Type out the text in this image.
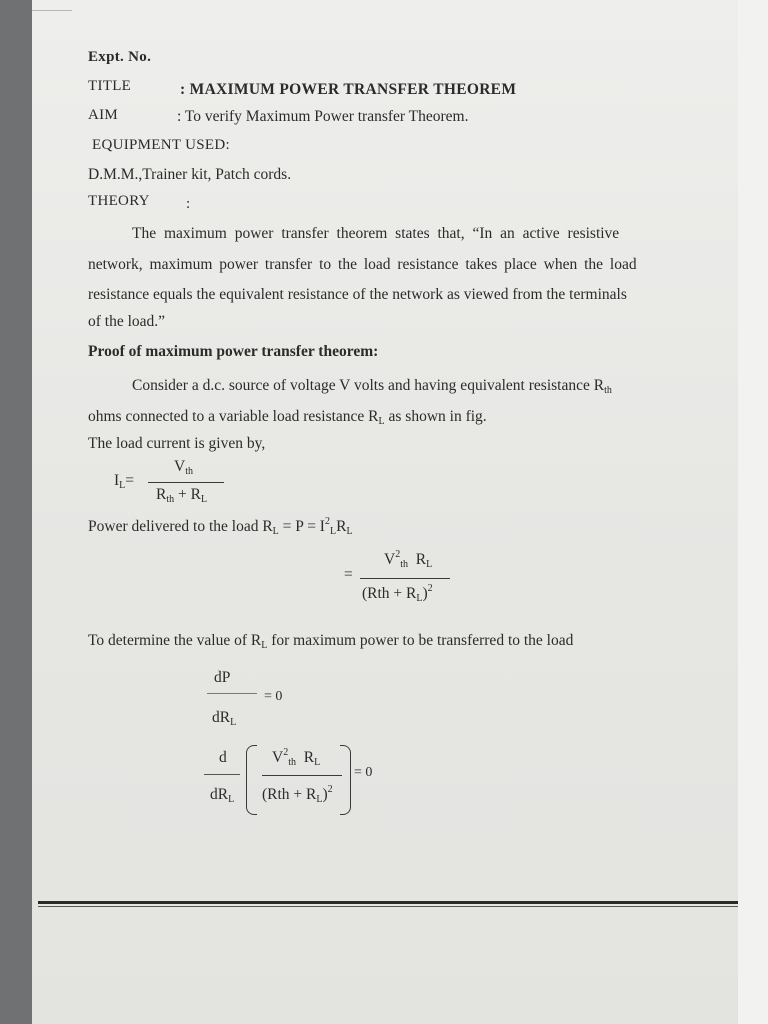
Expt. No.
TITLE	: MAXIMUM POWER TRANSFER THEOREM
AIM	: To verify Maximum Power transfer Theorem.
EQUIPMENT USED:
D.M.M.,Trainer kit, Patch cords.
THEORY :
The maximum power transfer theorem states that, “In an active resistive
network, maximum power transfer to the load resistance takes place when the load
resistance equals the equivalent resistance of the network as viewed from the terminals
of the load.”
Proof of maximum power transfer theorem:
Consider a d.c. source of voltage V volts and having equivalent resistance $R_{th}$
ohms connected to a variable load resistance $R_L$ as shown in fig.
The load current is given by,
$I_L=$
$V_{th}$
$R_{th} + R_L$
Power delivered to the load $R_L = P = I^2_LR_L$
=
$V^2_{th}$ $R_L$
$(Rth + R_L)^2$
To determine the value of $R_L$ for maximum power to be transferred to the load
dP
= 0
$dR_L$
d
$dR_L$
$V^2_{th}$ $R_L$
$(Rth + R_L)^2$
= 0
